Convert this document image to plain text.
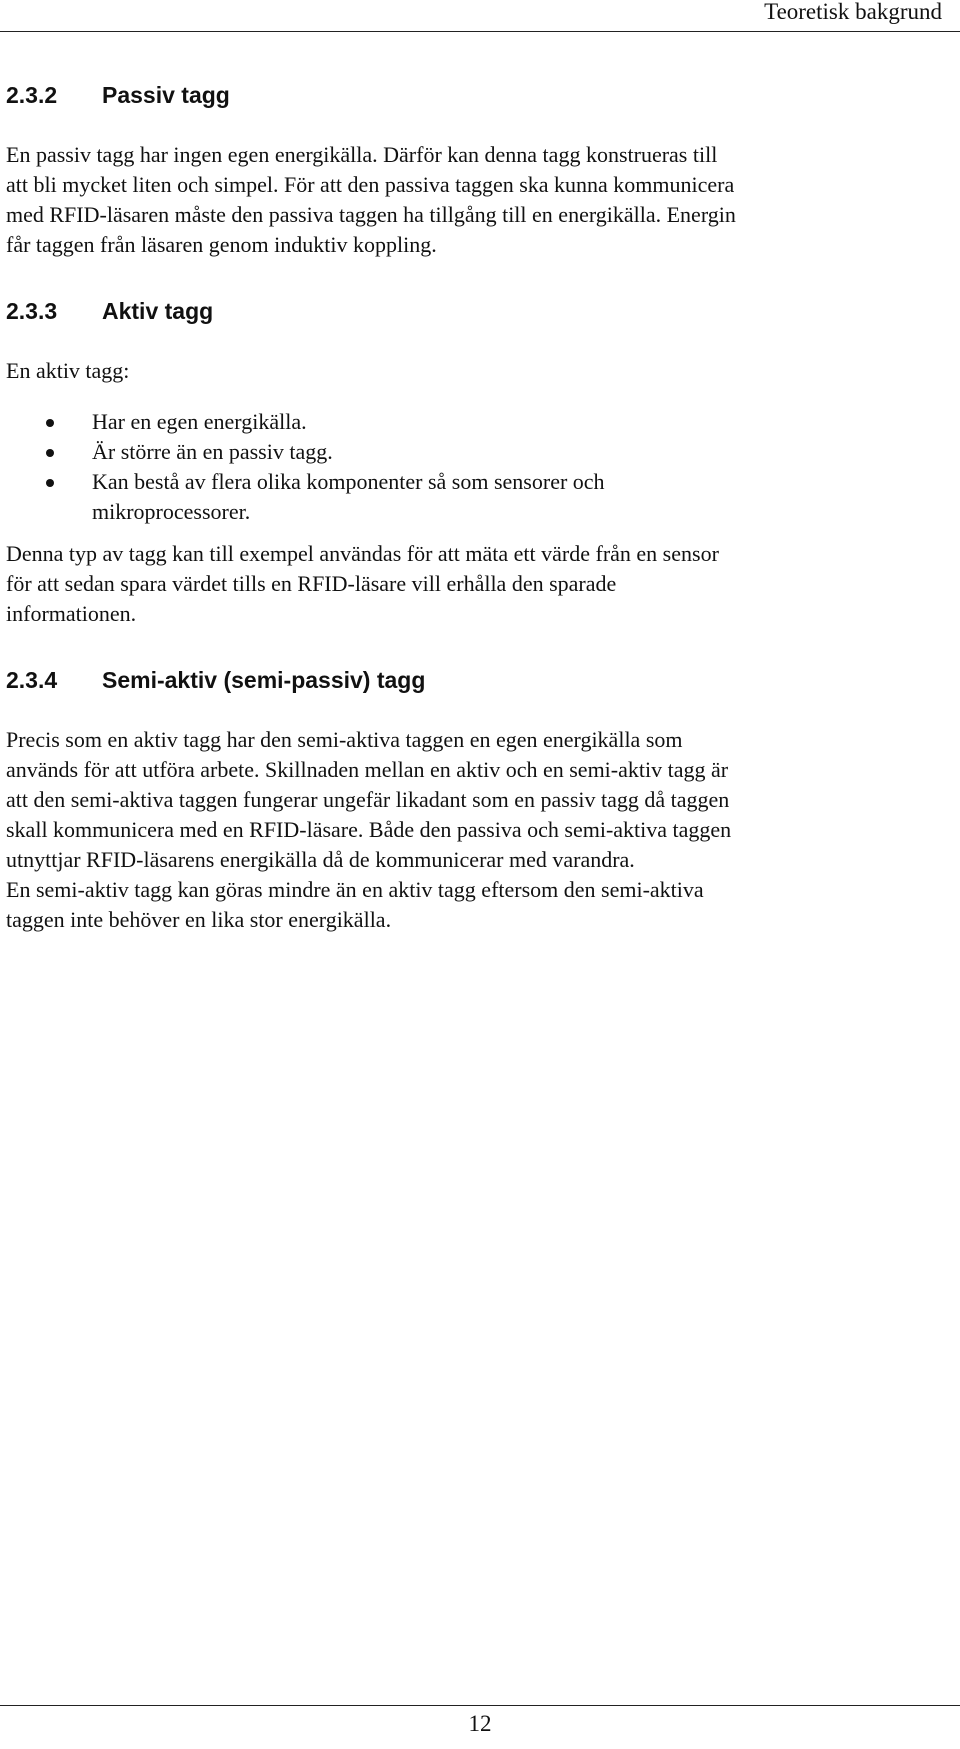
Teoretisk bakgrund
2.3.2	Passiv tagg

En passiv tagg har ingen egen energikälla. Därför kan denna tagg konstrueras till

att bli mycket liten och simpel. För att den passiva taggen ska kunna kommunicera

med RFID-läsaren måste den passiva taggen ha tillgång till en energikälla. Energin

får taggen från läsaren genom induktiv koppling.

2.3.3	Aktiv tagg

En aktiv tagg:

Har en egen energikälla.
Är större än en passiv tagg.
Kan bestå av flera olika komponenter så som sensorer och
mikroprocessorer.

Denna typ av tagg kan till exempel användas för att mäta ett värde från en sensor

för att sedan spara värdet tills en RFID-läsare vill erhålla den sparade

informationen.

2.3.4	Semi-aktiv (semi-passiv) tagg

Precis som en aktiv tagg har den semi-aktiva taggen en egen energikälla som

används för att utföra arbete. Skillnaden mellan en aktiv och en semi-aktiv tagg är

att den semi-aktiva taggen fungerar ungefär likadant som en passiv tagg då taggen

skall kommunicera med en RFID-läsare. Både den passiva och semi-aktiva taggen

utnyttjar RFID-läsarens energikälla då de kommunicerar med varandra.

En semi-aktiv tagg kan göras mindre än en aktiv tagg eftersom den semi-aktiva

taggen inte behöver en lika stor energikälla.

12
